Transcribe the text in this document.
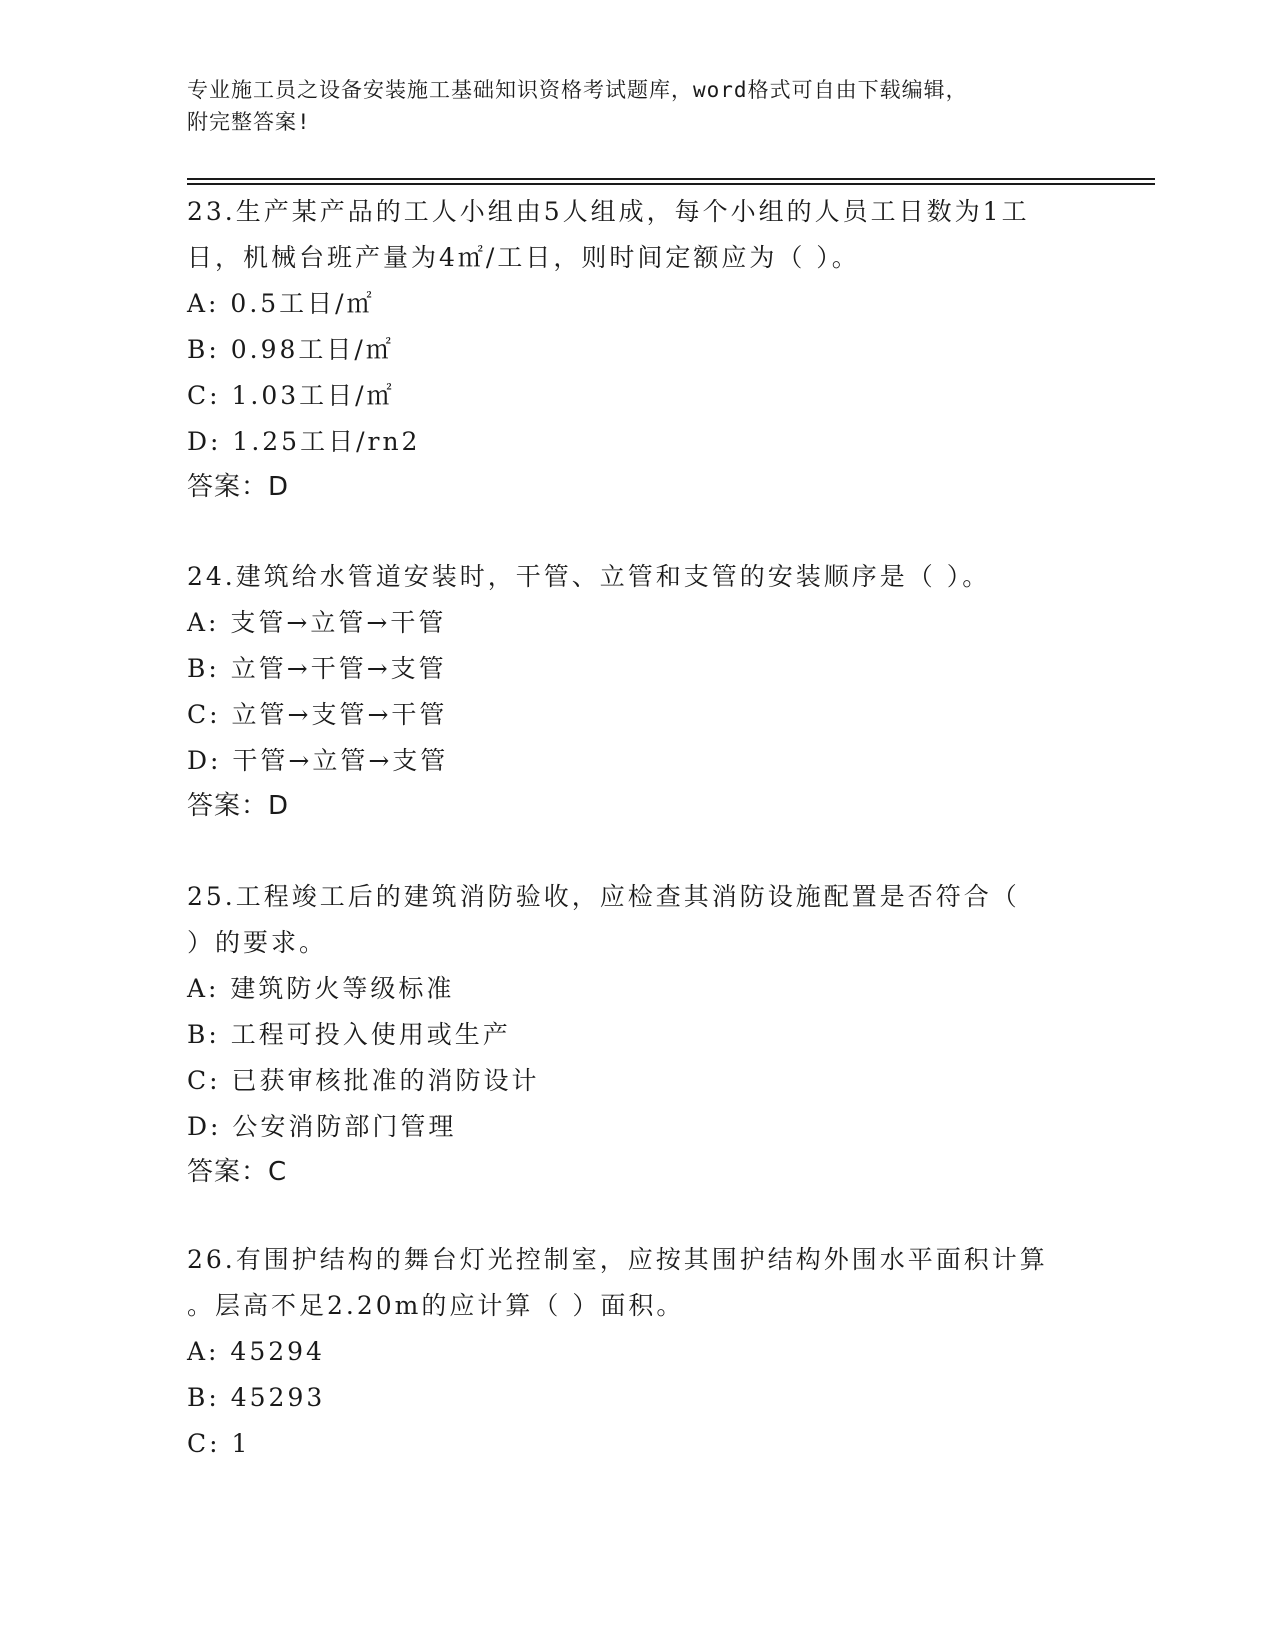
专业施工员之设备安装施工基础知识资格考试题库，word格式可自由下载编辑，
附完整答案!
23.生产某产品的工人小组由5人组成，每个小组的人员工日数为1工
日，机械台班产量为4㎡/工日，则时间定额应为（ ）。
A: 0.5工日/㎡
B: 0.98工日/㎡
C: 1.03工日/㎡
D: 1.25工日/rn2
答案：D
24.建筑给水管道安装时，干管、立管和支管的安装顺序是（ ）。
A: 支管→立管→干管
B: 立管→干管→支管
C: 立管→支管→干管
D: 干管→立管→支管
答案：D
25.工程竣工后的建筑消防验收，应检查其消防设施配置是否符合（
）的要求。
A: 建筑防火等级标准
B: 工程可投入使用或生产
C: 已获审核批准的消防设计
D: 公安消防部门管理
答案：C
26.有围护结构的舞台灯光控制室，应按其围护结构外围水平面积计算
。层高不足2.20m的应计算（ ）面积。
A: 45294
B: 45293
C: 1
